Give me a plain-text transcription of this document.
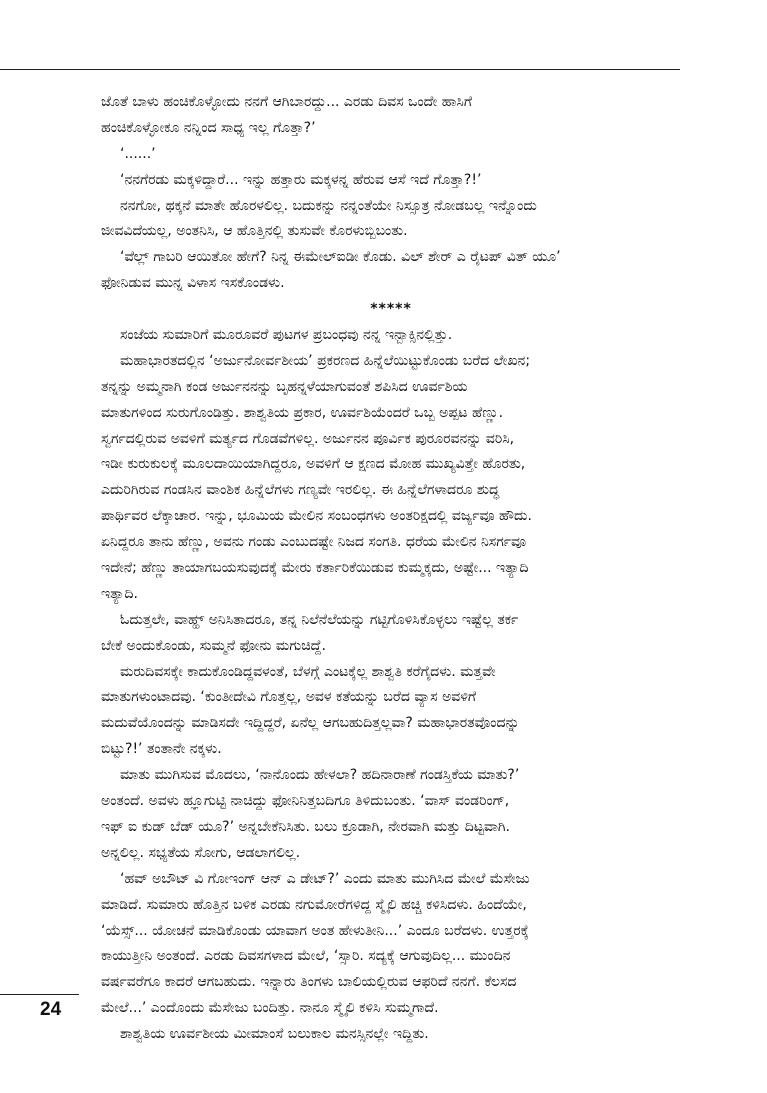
ಜೊತೆ ಬಾಳು ಹಂಚಿಕೊಳ್ಳೋದು ನನಗೆ ಆಗಿಬಾರದ್ದು... ಎರಡು ದಿವಸ ಒಂದೇ ಹಾಸಿಗೆ
ಹಂಚಿಕೊಳ್ಳೋಕೂ ನನ್ನಿಂದ ಸಾಧ್ಯ ಇಲ್ಲ ಗೊತ್ತಾ?’
‘......’
‘ನನಗೆರಡು ಮಕ್ಕಳಿದ್ದಾರೆ... ಇನ್ನು ಹತ್ತಾರು ಮಕ್ಕಳನ್ನ ಹೆರುವ ಆಸೆ ಇದೆ ಗೊತ್ತಾ?!’
ನನಗೋ, ಥಕ್ಕನೆ ಮಾತೇ ಹೊರಳಲಿಲ್ಲ. ಬದುಕನ್ನು ನನ್ನಂತೆಯೇ ನಿಸ್ಸೂತ್ರ ನೋಡಬಲ್ಲ ಇನ್ನೊಂದು
ಜೀವವಿದೆಯಲ್ಲ, ಅಂತನಿಸಿ, ಆ ಹೊತ್ತಿನಲ್ಲಿ ತುಸುವೇ ಕೊರಳುಬ್ಬಿಬಂತು.
‘ವೆಲ್ಲ್ ಗಾಬರಿ ಆಯಿತೋ ಹೇಗೆ? ನಿನ್ನ ಈಮೇಲ್ಐಡೀ ಕೊಡು. ವಿಲ್ ಶೇರ್ ಎ ರೈಟಪ್ ವಿತ್ ಯೂ’
ಫೋನಿಡುವ ಮುನ್ನ ವಿಳಾಸ ಇಸಕೊಂಡಳು.
*****
ಸಂಜೆಯ ಸುಮಾರಿಗೆ ಮೂರೂವರೆ ಪುಟಗಳ ಪ್ರಬಂಧವು ನನ್ನ ಇನ್ಬಾಕ್ಸಿನಲ್ಲಿತ್ತು.
ಮಹಾಭಾರತದಲ್ಲಿನ ‘ಅರ್ಜುನೋರ್ವಶೀಯ’ ಪ್ರಕರಣದ ಹಿನ್ನೆಲೆಯಿಟ್ಟುಕೊಂಡು ಬರೆದ ಲೇಖನ;
ತನ್ನನ್ನು ಅಮ್ಮನಾಗಿ ಕಂಡ ಅರ್ಜುನನನ್ನು ಬೃಹನ್ನಳೆಯಾಗುವಂತೆ ಶಪಿಸಿದ ಊರ್ವಶಿಯ
ಮಾತುಗಳಿಂದ ಸುರುಗೊಂಡಿತ್ತು. ಶಾಶ್ವತಿಯ ಪ್ರಕಾರ, ಊರ್ವಶಿಯೆಂದರೆ ಒಬ್ಬ ಅಪ್ಪಟ ಹೆಣ್ಣು.
ಸ್ವರ್ಗದಲ್ಲಿರುವ ಅವಳಿಗೆ ಮರ್ತ್ಯದ ಗೊಡವೆಗಳಿಲ್ಲ. ಅರ್ಜುನನ ಪೂರ್ವಿಕ ಪುರೂರವನನ್ನು ವರಿಸಿ,
ಇಡೀ ಕುರುಕುಲಕ್ಕೆ ಮೂಲದಾಯಿಯಾಗಿದ್ದರೂ, ಅವಳಿಗೆ ಆ ಕ್ಷಣದ ಮೋಹ ಮುಖ್ಯವಿತ್ತೇ ಹೊರತು,
ಎದುರಿಗಿರುವ ಗಂಡಸಿನ ವಾಂಶಿಕ ಹಿನ್ನೆಲೆಗಳು ಗಣ್ಯವೇ ಇರಲಿಲ್ಲ. ಈ ಹಿನ್ನೆಲೆಗಳಾದರೂ ಶುದ್ಧ
ಪಾರ್ಥಿವರ ಲೆಕ್ಕಾಚಾರ. ಇನ್ನು, ಭೂಮಿಯ ಮೇಲಿನ ಸಂಬಂಧಗಳು ಅಂತರಿಕ್ಷದಲ್ಲಿ ವರ್ಜ್ಯವೂ ಹೌದು.
ಏನಿದ್ದರೂ ತಾನು ಹೆಣ್ಣು, ಅವನು ಗಂಡು ಎಂಬುದಷ್ಟೇ ನಿಜದ ಸಂಗತಿ. ಧರೆಯ ಮೇಲಿನ ನಿಸರ್ಗವೂ
ಇದೇನೆ; ಹೆಣ್ಣು ತಾಯಾಗಬಯಸುವುದಕ್ಕೆ ಮೇರು ಕರ್ತಾರಿಕೆಯಿಡುವ ಕುಮ್ಮಕ್ಕದು, ಅಷ್ಟೇ... ಇತ್ಯಾದಿ
ಇತ್ಯಾದಿ.
ಓದುತ್ತಲೇ, ವಾಹ್ಹ್ ಅನಿಸಿತಾದರೂ, ತನ್ನ ನಿಲೆನೆಲೆಯನ್ನು ಗಟ್ಟಿಗೊಳಿಸಿಕೊಳ್ಳಲು ಇಷ್ಟೆಲ್ಲ ತರ್ಕ
ಬೇಕೆ ಅಂದುಕೊಂಡು, ಸುಮ್ಮನೆ ಫೋನು ಮಗುಚಿದ್ದೆ.
ಮರುದಿವಸಕ್ಕೇ ಕಾದುಕೊಂಡಿದ್ದವಳಂತೆ, ಬೆಳಗ್ಗೆ ಎಂಟಕ್ಕೆಲ್ಲ ಶಾಶ್ವತಿ ಕರೆಗೈದಳು. ಮತ್ತವೇ
ಮಾತುಗಳುಂಟಾದವು. ‘ಕುಂತೀದೇವಿ ಗೊತ್ತಲ್ಲ, ಅವಳ ಕತೆಯನ್ನು ಬರೆದ ವ್ಯಾಸ ಅವಳಿಗೆ
ಮದುವೆಯೊಂದನ್ನು ಮಾಡಿಸದೇ ಇದ್ದಿದ್ದರೆ, ಏನೆಲ್ಲ ಆಗಬಹುದಿತ್ತಲ್ಲವಾ? ಮಹಾಭಾರತವೊಂದನ್ನು
ಬಿಟ್ಟು?!’ ತಂತಾನೇ ನಕ್ಕಳು.
ಮಾತು ಮುಗಿಸುವ ಮೊದಲು, ‘ನಾನೊಂದು ಹೇಳಲಾ? ಹದಿನಾರಾಣೆ ಗಂಡಸ್ತಿಕೆಯ ಮಾತು?’
ಅಂತಂದೆ. ಅವಳು ಹ್ಞೂಗುಟ್ಟಿ ನಾಚಿದ್ದು ಫೋನಿನಿತ್ತಬದಿಗೂ ತಿಳಿದುಬಂತು. ‘ವಾಸ್ ವಂಡರಿಂಗ್,
ಇಫ್ ಐ ಕುಡ್ ಬೆಡ್ ಯೂ?’ ಅನ್ನಬೇಕೆನಿಸಿತು. ಬಲು ಕ್ರೂಡಾಗಿ, ನೇರವಾಗಿ ಮತ್ತು ದಿಟ್ಟವಾಗಿ.
ಅನ್ನಲಿಲ್ಲ. ಸಭ್ಯತೆಯ ಸೋಗು, ಆಡಲಾಗಲಿಲ್ಲ.
‘ಹವ್ ಅಬೌಟ್ ವಿ ಗೋಇಂಗ್ ಆನ್ ಎ ಡೇಟ್?’ ಎಂದು ಮಾತು ಮುಗಿಸಿದ ಮೇಲೆ ಮೆಸೇಜು
ಮಾಡಿದೆ. ಸುಮಾರು ಹೊತ್ತಿನ ಬಳಿಕ ಎರಡು ನಗುಮೋರೆಗಳಿದ್ದ ಸ್ಮೈಲಿ ಹಚ್ಚಿ ಕಳಿಸಿದಳು. ಹಿಂದೆಯೇ,
‘ಯೆಸ್ಸ್... ಯೋಚನೆ ಮಾಡಿಕೊಂಡು ಯಾವಾಗ ಅಂತ ಹೇಳುತೀನಿ...’ ಎಂದೂ ಬರೆದಳು. ಉತ್ತರಕ್ಕೆ
ಕಾಯುತ್ತೀನಿ ಅಂತಂದೆ. ಎರಡು ದಿವಸಗಳಾದ ಮೇಲೆ, ‘ಸ್ಸಾರಿ. ಸದ್ಯಕ್ಕೆ ಆಗುವುದಿಲ್ಲ... ಮುಂದಿನ
ವರ್ಷವರೆಗೂ ಕಾದರೆ ಆಗಬಹುದು. ಇನ್ನಾರು ತಿಂಗಳು ಬಾಲಿಯಲ್ಲಿರುವ ಆಫರಿದೆ ನನಗೆ. ಕೆಲಸದ
ಮೇಲೆ...’ ಎಂದೊಂದು ಮೆಸೇಜು ಬಂದಿತ್ತು. ನಾನೂ ಸ್ಮೈಲಿ ಕಳಿಸಿ ಸುಮ್ಮಗಾದೆ.
ಶಾಶ್ವತಿಯ ಊರ್ವಶೀಯ ಮೀಮಾಂಸೆ ಬಲುಕಾಲ ಮನಸ್ಸಿನಲ್ಲೇ ಇದ್ದಿತು.
24
